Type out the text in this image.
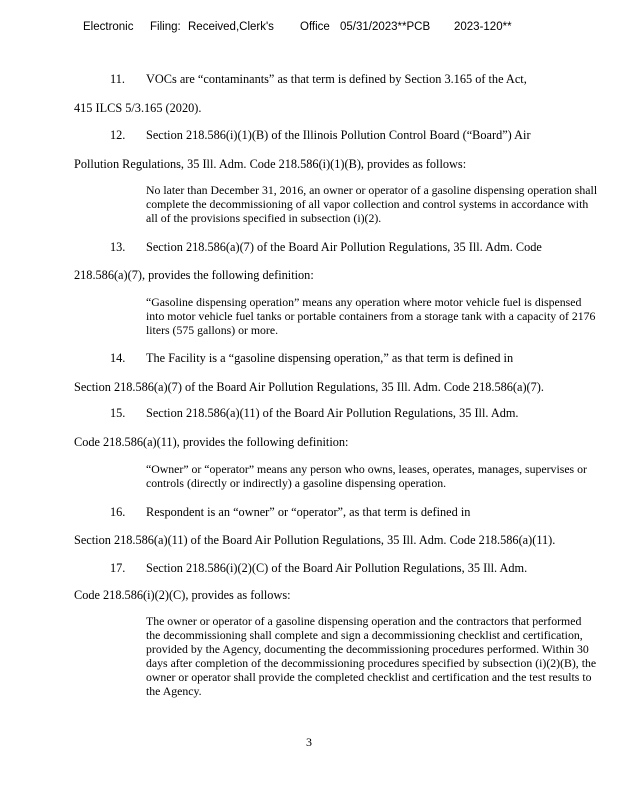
Electronic Filing: Received,Clerk's Office 05/31/2023**PCB 2023-120**
11. VOCs are “contaminants” as that term is defined by Section 3.165 of the Act,
415 ILCS 5/3.165 (2020).
12. Section 218.586(i)(1)(B) of the Illinois Pollution Control Board (“Board”) Air
Pollution Regulations, 35 Ill. Adm. Code 218.586(i)(1)(B), provides as follows:
No later than December 31, 2016, an owner or operator of a gasoline dispensing operation shall complete the decommissioning of all vapor collection and control systems in accordance with all of the provisions specified in subsection (i)(2).
13. Section 218.586(a)(7) of the Board Air Pollution Regulations, 35 Ill. Adm. Code
218.586(a)(7), provides the following definition:
“Gasoline dispensing operation” means any operation where motor vehicle fuel is dispensed into motor vehicle fuel tanks or portable containers from a storage tank with a capacity of 2176 liters (575 gallons) or more.
14. The Facility is a “gasoline dispensing operation,” as that term is defined in
Section 218.586(a)(7) of the Board Air Pollution Regulations, 35 Ill. Adm. Code 218.586(a)(7).
15. Section 218.586(a)(11) of the Board Air Pollution Regulations, 35 Ill. Adm.
Code 218.586(a)(11), provides the following definition:
“Owner” or “operator” means any person who owns, leases, operates, manages, supervises or controls (directly or indirectly) a gasoline dispensing operation.
16. Respondent is an “owner” or “operator”, as that term is defined in
Section 218.586(a)(11) of the Board Air Pollution Regulations, 35 Ill. Adm. Code 218.586(a)(11).
17. Section 218.586(i)(2)(C) of the Board Air Pollution Regulations, 35 Ill. Adm.
Code 218.586(i)(2)(C), provides as follows:
The owner or operator of a gasoline dispensing operation and the contractors that performed the decommissioning shall complete and sign a decommissioning checklist and certification, provided by the Agency, documenting the decommissioning procedures performed. Within 30 days after completion of the decommissioning procedures specified by subsection (i)(2)(B), the owner or operator shall provide the completed checklist and certification and the test results to the Agency.
3
